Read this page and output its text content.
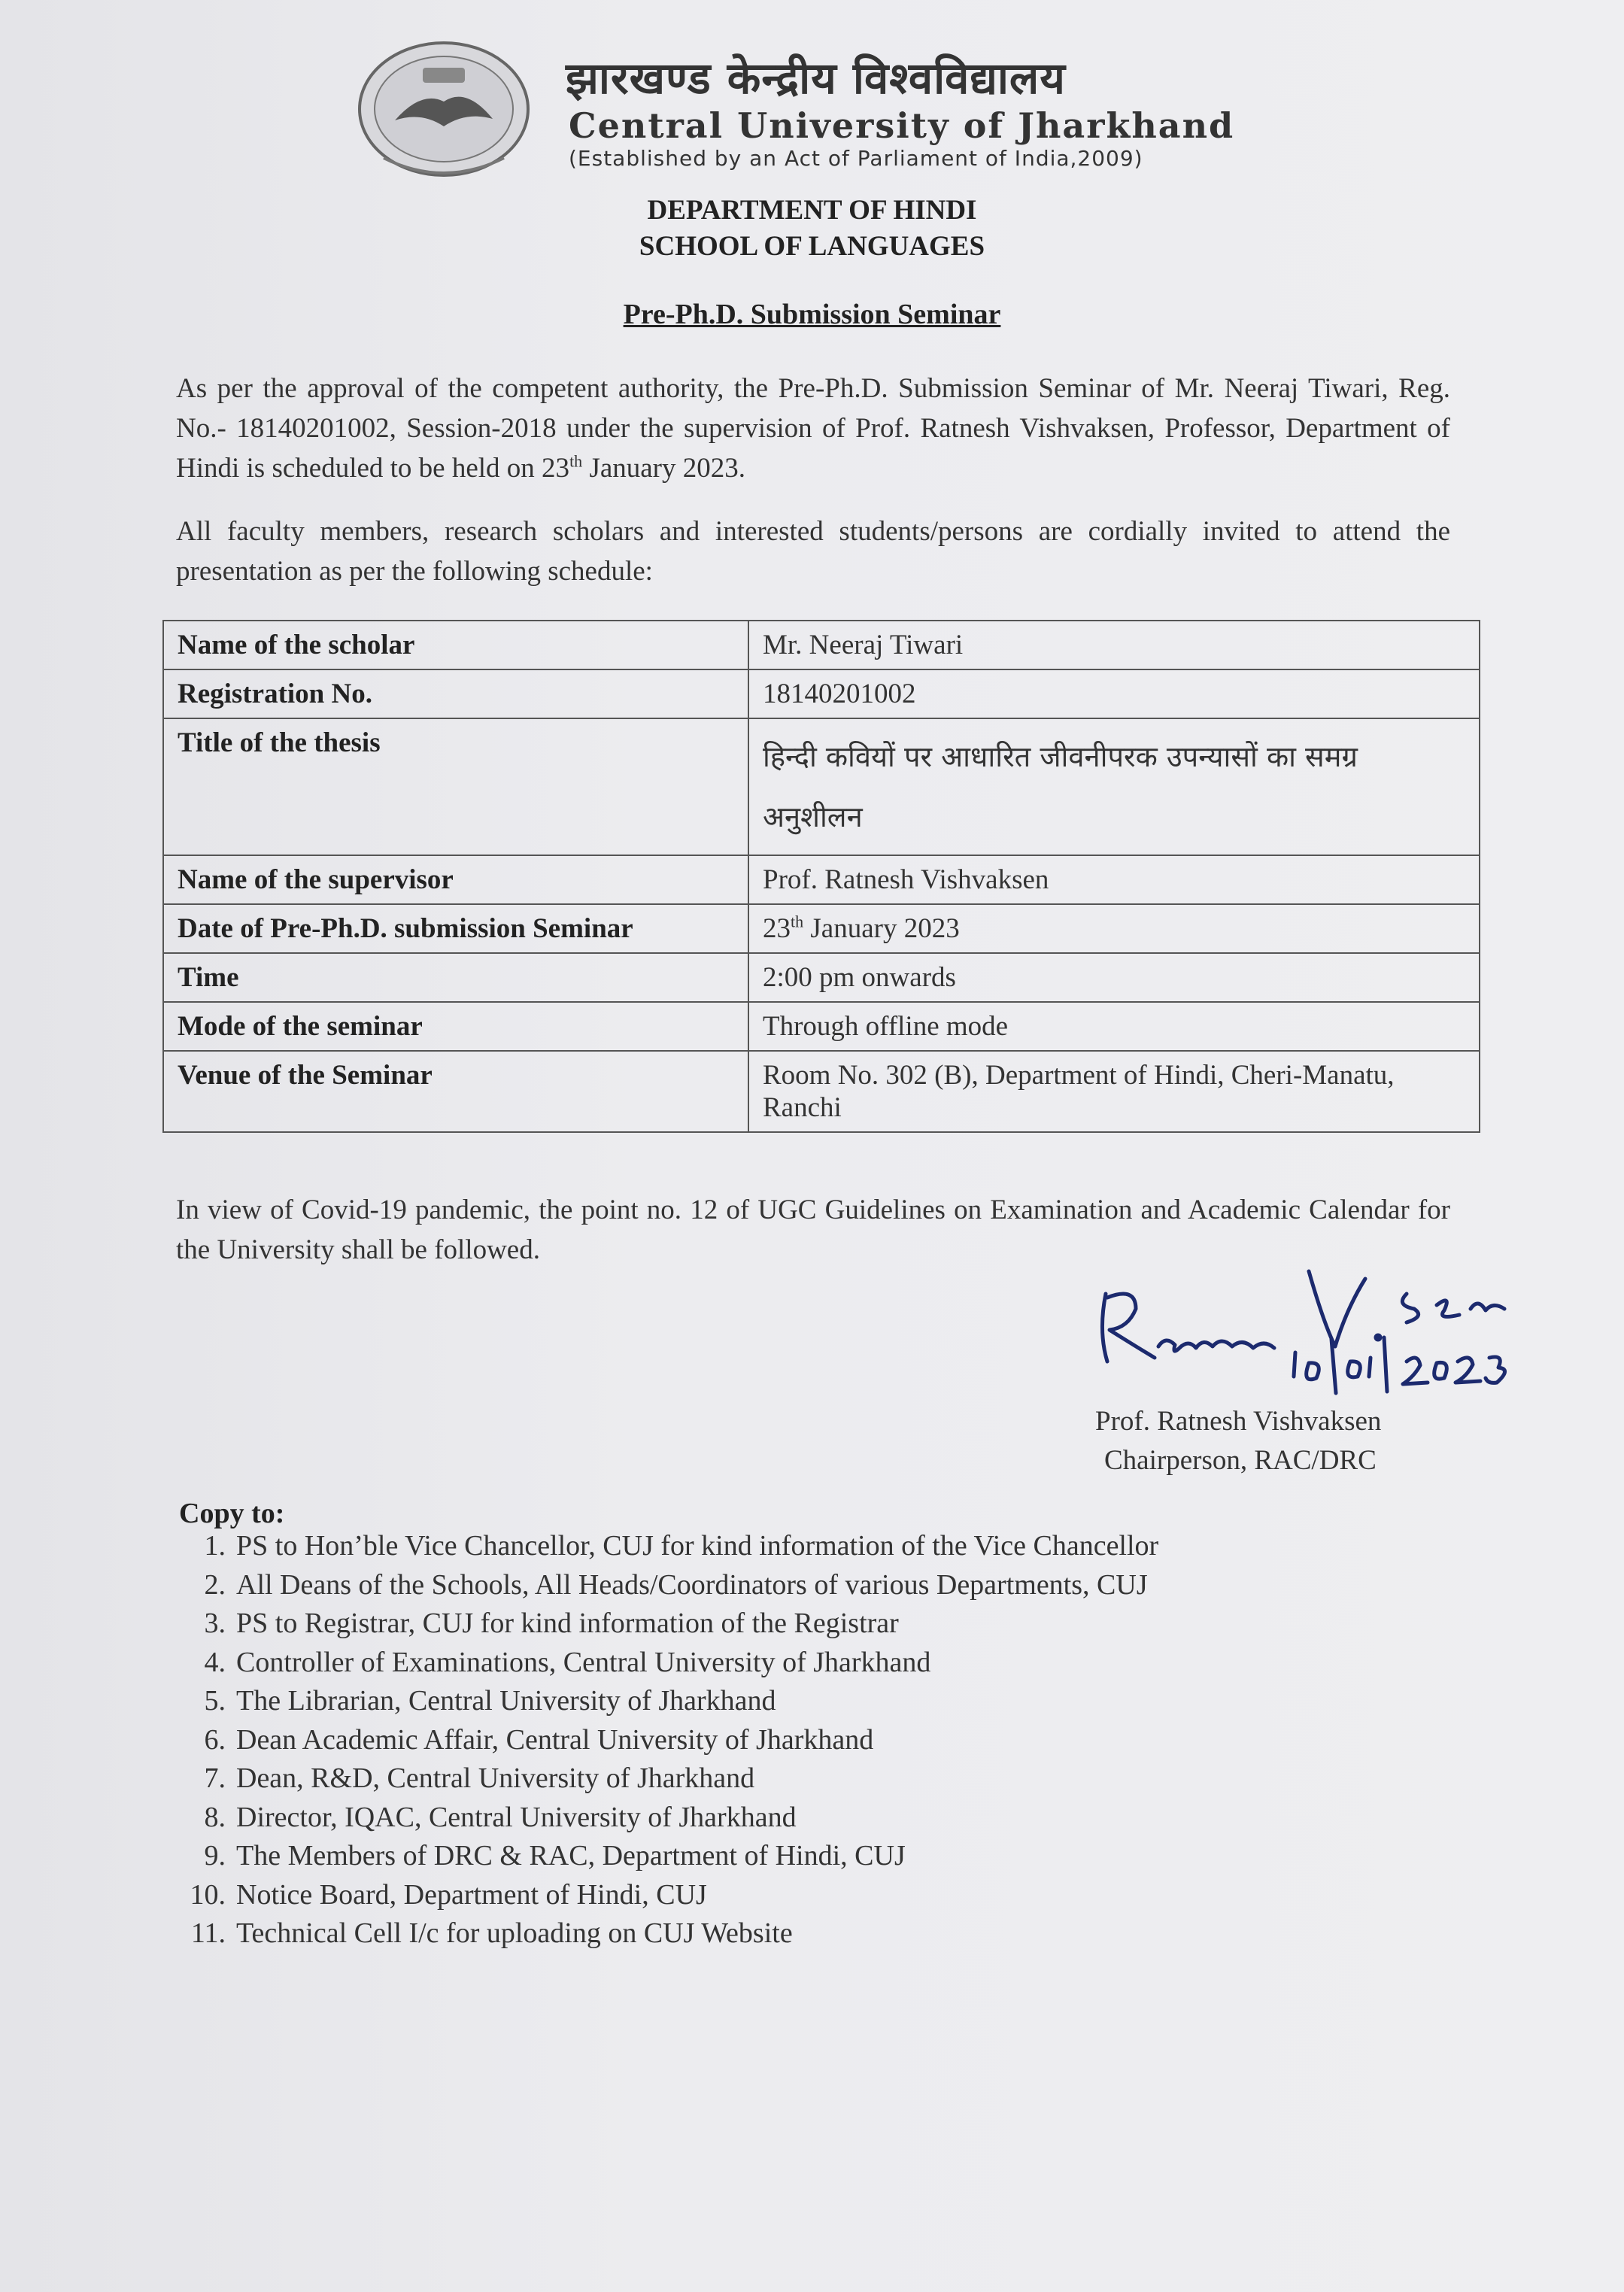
झारखण्ड केन्द्रीय विश्वविद्यालय
Central University of Jharkhand
(Established by an Act of Parliament of India,2009)
DEPARTMENT OF HINDI
SCHOOL OF LANGUAGES
Pre-Ph.D. Submission Seminar
As per the approval of the competent authority, the Pre-Ph.D. Submission Seminar of Mr. Neeraj Tiwari, Reg. No.- 18140201002, Session-2018 under the supervision of Prof. Ratnesh Vishvaksen, Professor, Department of Hindi is scheduled to be held on 23th January 2023.
All faculty members, research scholars and interested students/persons are cordially invited to attend the presentation as per the following schedule:
Name of the scholar	Mr. Neeraj Tiwari
Registration No.	18140201002
Title of the thesis	हिन्दी कवियों पर आधारित जीवनीपरक उपन्यासों का समग्र अनुशीलन
Name of the supervisor	Prof. Ratnesh Vishvaksen
Date of Pre-Ph.D. submission Seminar	23th January 2023
Time	2:00 pm onwards
Mode of the seminar	Through offline mode
Venue of the Seminar	Room No. 302 (B), Department of Hindi, Cheri-Manatu, Ranchi
In view of Covid-19 pandemic, the point no. 12 of UGC Guidelines on Examination and Academic Calendar for the University shall be followed.
Prof. Ratnesh Vishvaksen
Chairperson, RAC/DRC
Copy to:
1. PS to Hon’ble Vice Chancellor, CUJ for kind information of the Vice Chancellor
2. All Deans of the Schools, All Heads/Coordinators of various Departments, CUJ
3. PS to Registrar, CUJ for kind information of the Registrar
4. Controller of Examinations, Central University of Jharkhand
5. The Librarian, Central University of Jharkhand
6. Dean Academic Affair, Central University of Jharkhand
7. Dean, R&D, Central University of Jharkhand
8. Director, IQAC, Central University of Jharkhand
9. The Members of DRC & RAC, Department of Hindi, CUJ
10. Notice Board, Department of Hindi, CUJ
11. Technical Cell I/c for uploading on CUJ Website
